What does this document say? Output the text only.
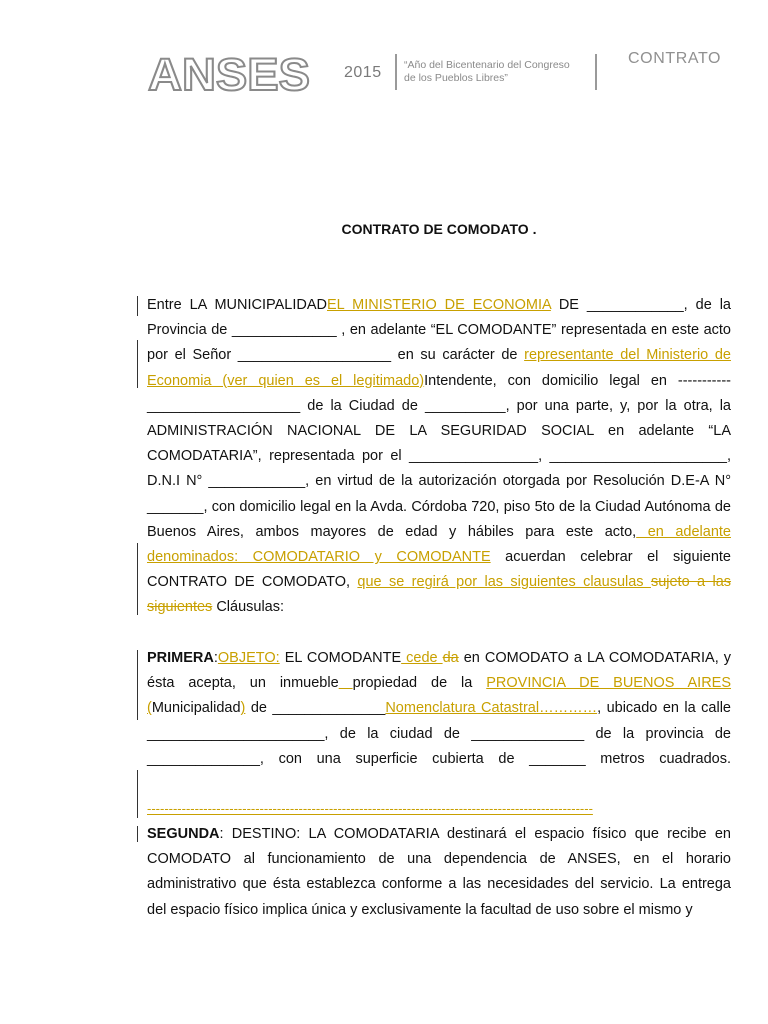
ANSES 2015 “Año del Bicentenario del Congreso
de los Pueblos Libres”
CONTRATO
CONTRATO DE COMODATO .
Entre LA MUNICIPALIDADEL MINISTERIO DE ECONOMIA DE ____________, de la Provincia de _____________ , en adelante “EL COMODANTE” representada en este acto por el Señor ___________________ en su carácter de representante del Ministerio de Economia (ver quien es el legitimado)Intendente, con domicilio legal en -----------___________________ de la Ciudad de __________, por una parte, y, por la otra, la ADMINISTRACIÓN NACIONAL DE LA SEGURIDAD SOCIAL en adelante “LA COMODATARIA”, representada por el ________________, ______________________, D.N.I N° ____________, en virtud de la autorización otorgada por Resolución D.E-A N° _______, con domicilio legal en la Avda. Córdoba 720, piso 5to de la Ciudad Autónoma de Buenos Aires, ambos mayores de edad y hábiles para este acto, en adelante denominados: COMODATARIO y COMODANTE acuerdan celebrar el siguiente CONTRATO DE COMODATO, que se regirá por las siguientes clausulas sujeto a las siguientes Cláusulas:
PRIMERA:OBJETO: EL COMODANTE cede da en COMODATO a LA COMODATARIA, y ésta acepta, un inmueble propiedad de la PROVINCIA DE BUENOS AIRES (Municipalidad) de ______________Nomenclatura Catastral…………, ubicado en la calle ______________________, de la ciudad de ______________ de la provincia de ______________, con una superficie cubierta de _______ metros cuadrados.
-------------------------------------------------------------------------------------------------------
SEGUNDA: DESTINO: LA COMODATARIA destinará el espacio físico que recibe en COMODATO al funcionamiento de una dependencia de ANSES, en el horario administrativo que ésta establezca conforme a las necesidades del servicio. La entrega del espacio físico implica única y exclusivamente la facultad de uso sobre el mismo y
